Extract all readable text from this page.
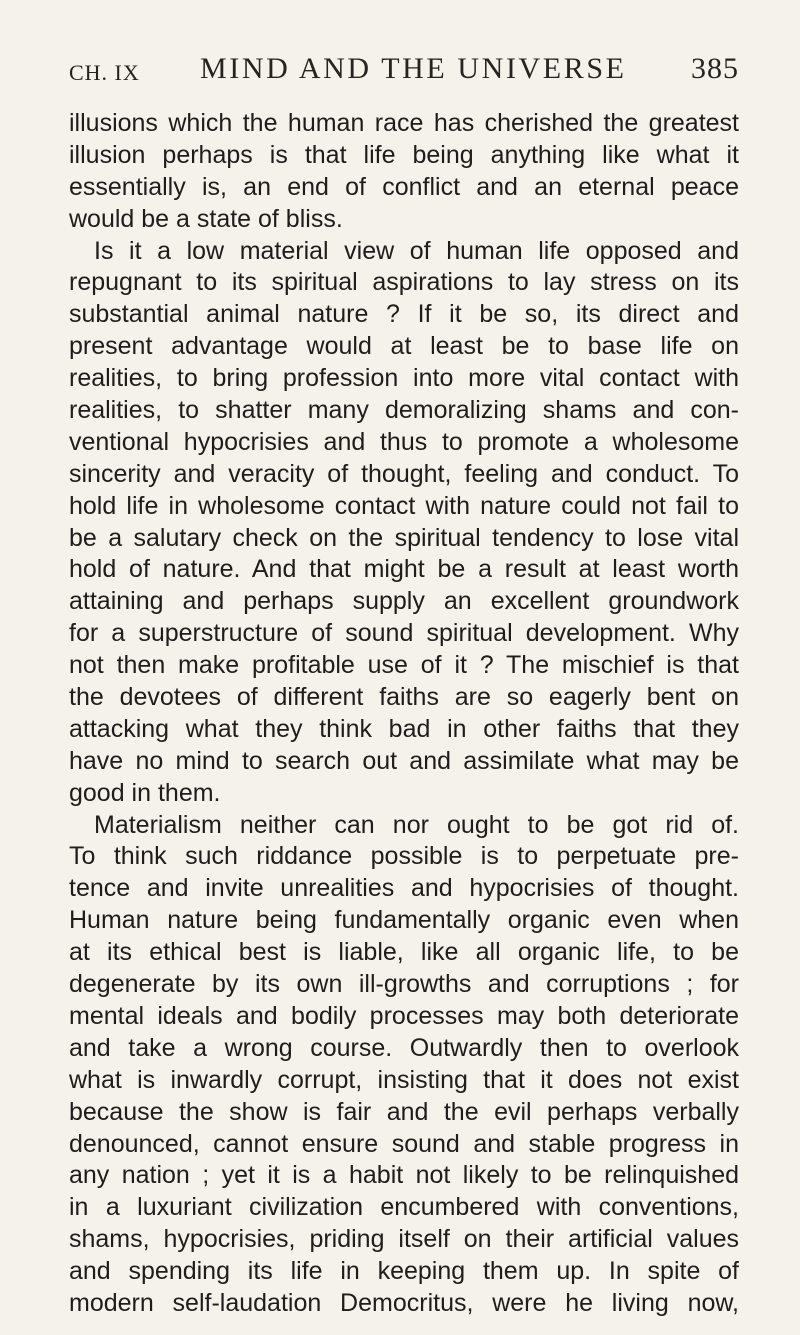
CH. IX MIND AND THE UNIVERSE 385
illusions which the human race has cherished the greatest
illusion perhaps is that life being anything like what it
essentially is, an end of conflict and an eternal peace
would be a state of bliss.
Is it a low material view of human life opposed and
repugnant to its spiritual aspirations to lay stress on its
substantial animal nature ? If it be so, its direct and
present advantage would at least be to base life on
realities, to bring profession into more vital contact with
realities, to shatter many demoralizing shams and con-
ventional hypocrisies and thus to promote a wholesome
sincerity and veracity of thought, feeling and conduct. To
hold life in wholesome contact with nature could not fail to
be a salutary check on the spiritual tendency to lose vital
hold of nature. And that might be a result at least worth
attaining and perhaps supply an excellent groundwork
for a superstructure of sound spiritual development. Why
not then make profitable use of it ? The mischief is that
the devotees of different faiths are so eagerly bent on
attacking what they think bad in other faiths that they
have no mind to search out and assimilate what may be
good in them.
Materialism neither can nor ought to be got rid of.
To think such riddance possible is to perpetuate pre-
tence and invite unrealities and hypocrisies of thought.
Human nature being fundamentally organic even when
at its ethical best is liable, like all organic life, to be
degenerate by its own ill-growths and corruptions ; for
mental ideals and bodily processes may both deteriorate
and take a wrong course. Outwardly then to overlook
what is inwardly corrupt, insisting that it does not exist
because the show is fair and the evil perhaps verbally
denounced, cannot ensure sound and stable progress in
any nation ; yet it is a habit not likely to be relinquished
in a luxuriant civilization encumbered with conventions,
shams, hypocrisies, priding itself on their artificial values
and spending its life in keeping them up. In spite of
modern self-laudation Democritus, were he living now,
